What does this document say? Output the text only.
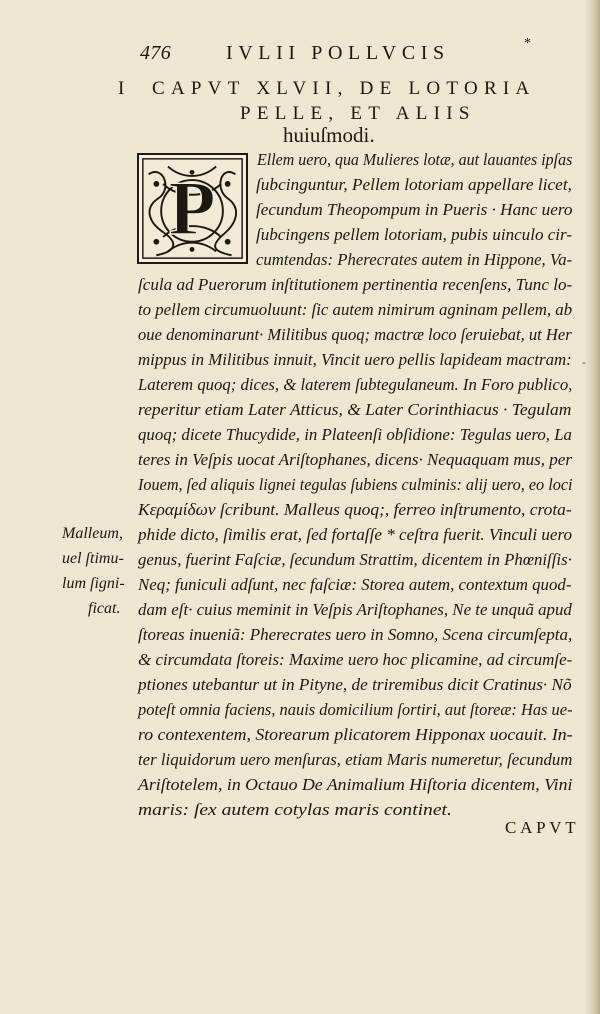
476	IVLII POLLVCIS	*
I CAPVT XLVII, DE LOTORIA
PELLE, ET ALIIS
huiuſmodi.
P
Ellem uero, qua Mulieres lotæ, aut lauantes ipſas
ſubcinguntur, Pellem lotoriam appellare licet,
ſecundum Theopompum in Pueris · Hanc uero
ſubcingens pellem lotoriam, pubis uinculo cir-
cumtendas: Pherecrates autem in Hippone, Va-
ſcula ad Puerorum inſtitutionem pertinentia recenſens, Tunc lo-
to pellem circumuoluunt: ſic autem nimirum agninam pellem, ab
oue denominarunt· Militibus quoq; mactræ loco ſeruiebat, ut Her
mippus in Militibus innuit, Vincit uero pellis lapideam mactram:
Laterem quoq; dices, & laterem ſubtegulaneum. In Foro publico,
reperitur etiam Later Atticus, & Later Corinthiacus · Tegulam
quoq; dicete Thucydide, in Plateenſi obſidione: Tegulas uero, La
teres in Veſpis uocat Ariſtophanes, dicens· Nequaquam mus, per
Iouem, ſed aliquis lignei tegulas ſubiens culminis: alij uero, eo loci
Κεραμίδων ſcribunt. Malleus quoq;, ferreo inſtrumento, crota-
phide dicto, ſimilis erat, ſed fortaſſe * ceſtra fuerit. Vinculi uero
genus, fuerint Faſciæ, ſecundum Strattim, dicentem in Phœniſſis·
Neq; funiculi adſunt, nec faſciæ: Storea autem, contextum quod-
dam eſt· cuius meminit in Veſpis Ariſtophanes, Ne te unquã apud
ſtoreas inueniã: Pherecrates uero in Somno, Scena circumſepta,
& circumdata ſtoreis: Maxime uero hoc plicamine, ad circumſe-
ptiones utebantur ut in Pityne, de triremibus dicit Cratinus· Nõ
poteſt omnia faciens, nauis domicilium ſortiri, aut ſtoreæ: Has ue-
ro contexentem, Storearum plicatorem Hipponax uocauit. In-
ter liquidorum uero menſuras, etiam Maris numeretur, ſecundum
Ariſtotelem, in Octauo De Animalium Hiſtoria dicentem, Vini
maris: ſex autem cotylas maris continet.
Malleum,
uel ſtimu-
lum ſigni-
ficat.
-
CAPVT
